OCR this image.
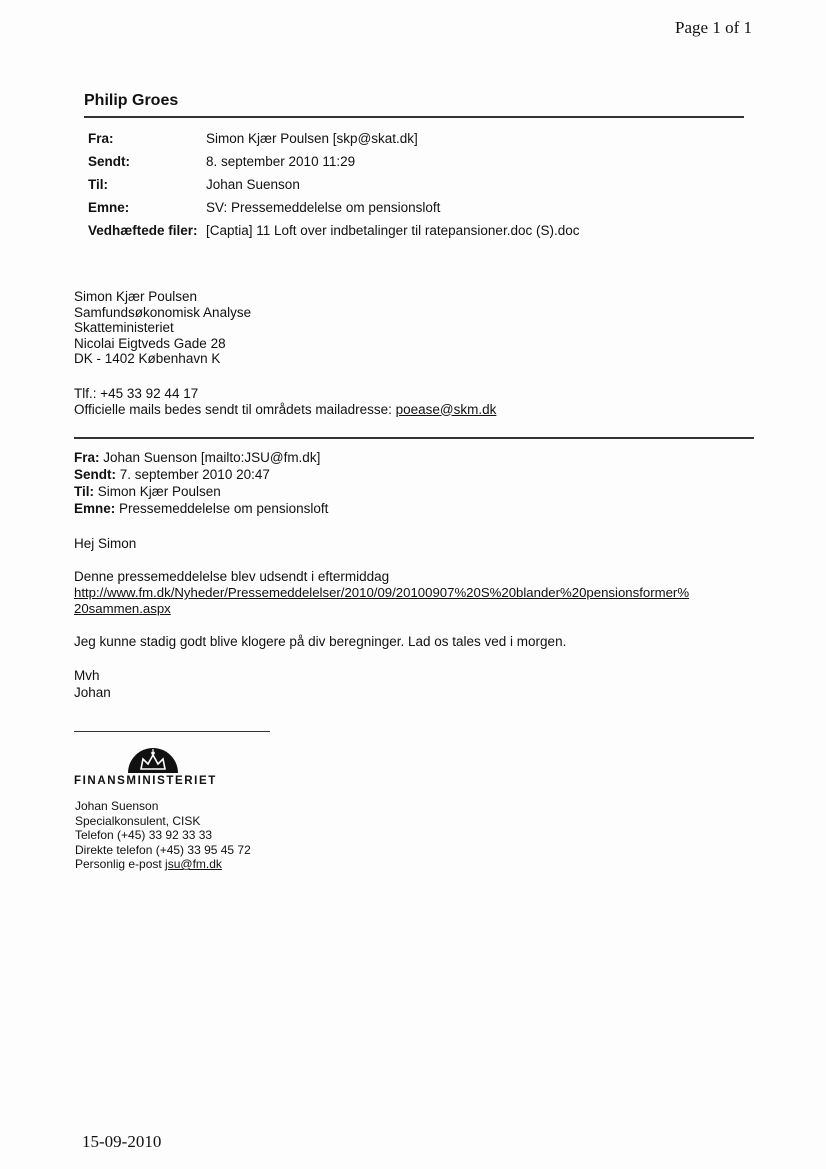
Page 1 of 1
Philip Groes
Fra:	Simon Kjær Poulsen [skp@skat.dk]
Sendt:	8. september 2010 11:29
Til:	Johan Suenson
Emne:	SV: Pressemeddelelse om pensionsloft
Vedhæftede filer: [Captia] 11 Loft over indbetalinger til ratepansioner.doc (S).doc
Simon Kjær Poulsen
Samfundsøkonomisk Analyse
Skatteministeriet
Nicolai Eigtveds Gade 28
DK - 1402 København K
Tlf.: +45 33 92 44 17
Officielle mails bedes sendt til områdets mailadresse: poease@skm.dk
Fra: Johan Suenson [mailto:JSU@fm.dk]
Sendt: 7. september 2010 20:47
Til: Simon Kjær Poulsen
Emne: Pressemeddelelse om pensionsloft
Hej Simon
Denne pressemeddelelse blev udsendt i eftermiddag
http://www.fm.dk/Nyheder/Pressemeddelelser/2010/09/20100907%20S%20blander%20pensionsformer%
20sammen.aspx
Jeg kunne stadig godt blive klogere på div beregninger. Lad os tales ved i morgen.
Mvh
Johan
FINANSMINISTERIET
Johan Suenson
Specialkonsulent, CISK
Telefon (+45) 33 92 33 33
Direkte telefon (+45) 33 95 45 72
Personlig e-post jsu@fm.dk
15-09-2010
